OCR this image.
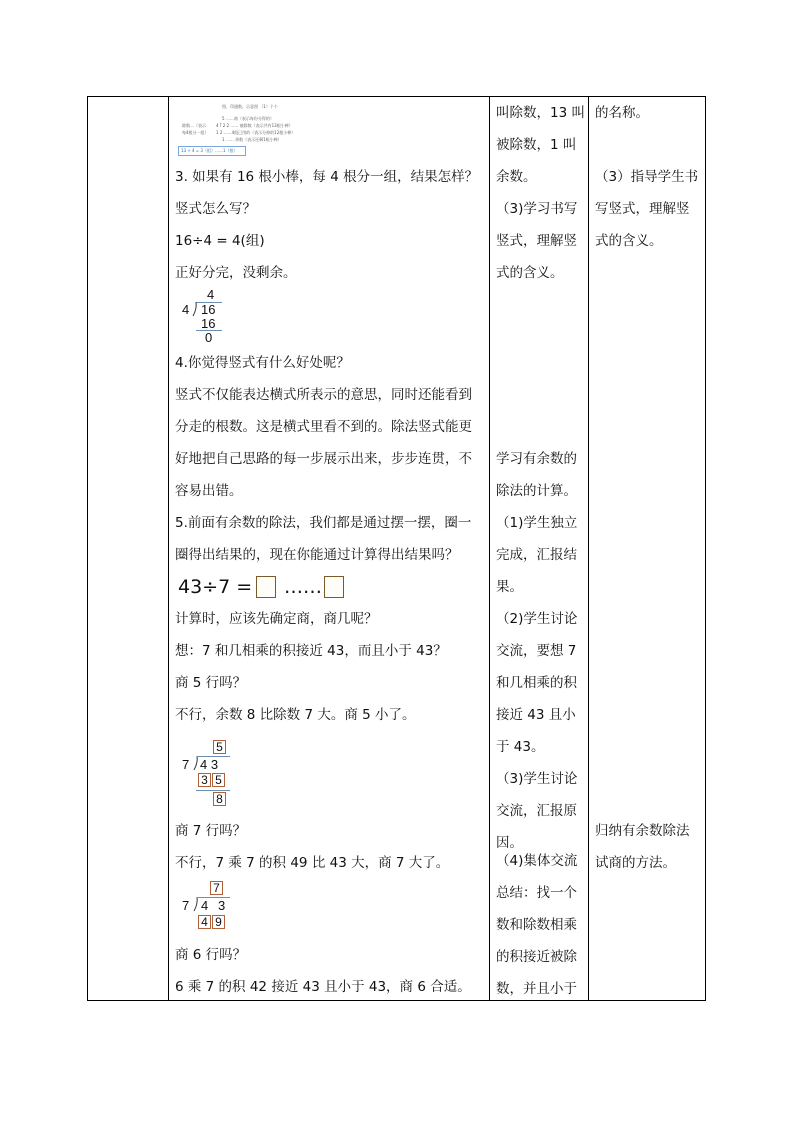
图、印通数、示意图 （1）个个
5 ……商（表示每份分得的）
除数…（表示	4 ⟌ 2 2 …… 被除数（表示共有13根小棒）
每4根分一组） 1 2 ……4组已用的（表示分掉的12根小棒）
1 …… 余数（表示还剩1根小棒）
13 ÷ 4 = 3（组）……1（根）
3. 如果有 16 根小棒，每 4 根分一组，结果怎样？
竖式怎么写？
16÷4 = 4(组)
正好分完，没剩余。
4
4 16
16
0
4.你觉得竖式有什么好处呢？
竖式不仅能表达横式所表示的意思，同时还能看到
分走的根数。这是横式里看不到的。除法竖式能更
好地把自己思路的每一步展示出来，步步连贯，不
容易出错。
5.前面有余数的除法，我们都是通过摆一摆，圈一
圈得出结果的，现在你能通过计算得出结果吗？
43÷7 = ……
计算时，应该先确定商，商几呢？
想：7 和几相乘的积接近 43，而且小于 43？
商 5 行吗？
不行，余数 8 比除数 7 大。商 5 小了。
5
7 4 3
3 5
8
商 7 行吗？
不行，7 乘 7 的积 49 比 43 大，商 7 大了。
7
7 4 3
4 9
商 6 行吗？
6 乘 7 的积 42 接近 43 且小于 43，商 6 合适。
叫除数，13 叫
被除数，1 叫
余数。
（3)学习书写
竖式，理解竖
式的含义。
学习有余数的
除法的计算。
（1)学生独立
完成，汇报结
果。
（2)学生讨论
交流，要想 7
和几相乘的积
接近 43 且小
于 43。
（3)学生讨论
交流，汇报原
因。
（4)集体交流
总结：找一个
数和除数相乘
的积接近被除
数，并且小于
的名称。
（3）指导学生书
写竖式，理解竖
式的含义。
归纳有余数除法
试商的方法。
